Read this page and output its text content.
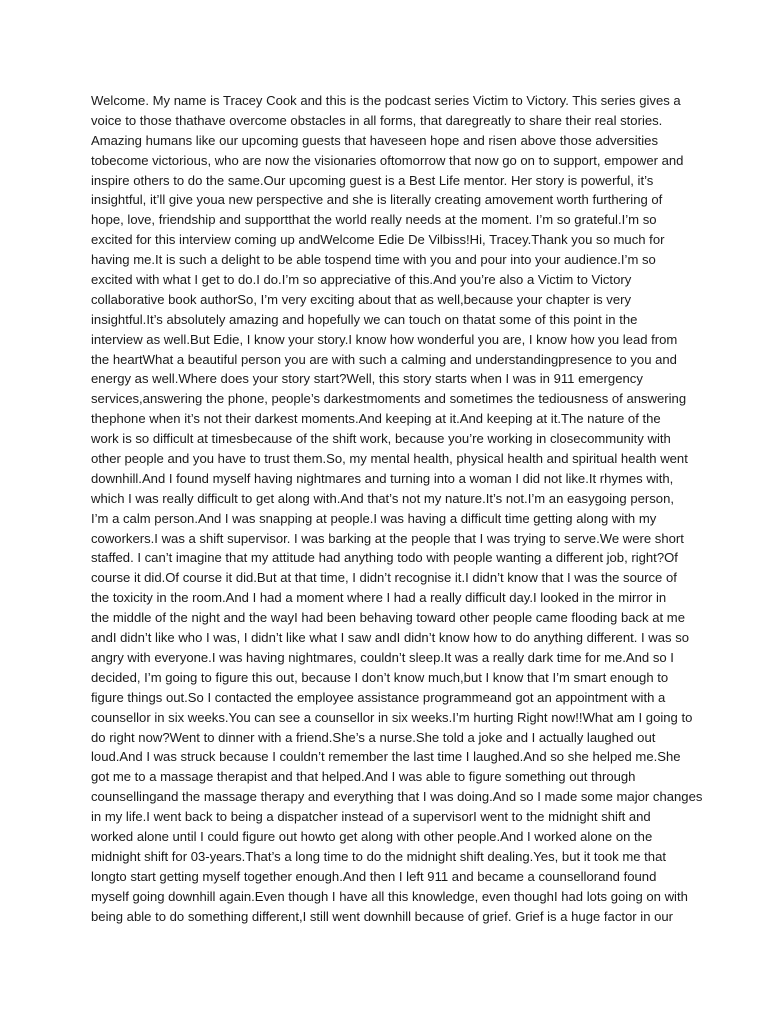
Welcome. My name is Tracey Cook and this is the podcast series Victim to Victory. This series gives a
voice to those thathave overcome obstacles in all forms, that daregreatly to share their real stories.
Amazing humans like our upcoming guests that haveseen hope and risen above those adversities
tobecome victorious, who are now the visionaries oftomorrow that now go on to support, empower and
inspire others to do the same.Our upcoming guest is a Best Life mentor. Her story is powerful, it’s
insightful, it’ll give youa new perspective and she is literally creating amovement worth furthering of
hope, love, friendship and supportthat the world really needs at the moment. I’m so grateful.I’m so
excited for this interview coming up andWelcome Edie De Vilbiss!Hi, Tracey.Thank you so much for
having me.It is such a delight to be able tospend time with you and pour into your audience.I’m so
excited with what I get to do.I do.I’m so appreciative of this.And you’re also a Victim to Victory
collaborative book authorSo, I’m very exciting about that as well,because your chapter is very
insightful.It’s absolutely amazing and hopefully we can touch on thatat some of this point in the
interview as well.But Edie, I know your story.I know how wonderful you are, I know how you lead from
the heartWhat a beautiful person you are with such a calming and understandingpresence to you and
energy as well.Where does your story start?Well, this story starts when I was in 911 emergency
services,answering the phone, people’s darkestmoments and sometimes the tediousness of answering
thephone when it’s not their darkest moments.And keeping at it.And keeping at it.The nature of the
work is so difficult at timesbecause of the shift work, because you’re working in closecommunity with
other people and you have to trust them.So, my mental health, physical health and spiritual health went
downhill.And I found myself having nightmares and turning into a woman I did not like.It rhymes with,
which I was really difficult to get along with.And that’s not my nature.It’s not.I’m an easygoing person,
I’m a calm person.And I was snapping at people.I was having a difficult time getting along with my
coworkers.I was a shift supervisor. I was barking at the people that I was trying to serve.We were short
staffed. I can’t imagine that my attitude had anything todo with people wanting a different job, right?Of
course it did.Of course it did.But at that time, I didn’t recognise it.I didn’t know that I was the source of
the toxicity in the room.And I had a moment where I had a really difficult day.I looked in the mirror in
the middle of the night and the wayI had been behaving toward other people came flooding back at me
andI didn’t like who I was, I didn’t like what I saw andI didn’t know how to do anything different. I was so
angry with everyone.I was having nightmares, couldn’t sleep.It was a really dark time for me.And so I
decided, I’m going to figure this out, because I don’t know much,but I know that I’m smart enough to
figure things out.So I contacted the employee assistance programmeand got an appointment with a
counsellor in six weeks.You can see a counsellor in six weeks.I’m hurting Right now!!What am I going to
do right now?Went to dinner with a friend.She’s a nurse.She told a joke and I actually laughed out
loud.And I was struck because I couldn’t remember the last time I laughed.And so she helped me.She
got me to a massage therapist and that helped.And I was able to figure something out through
counsellingand the massage therapy and everything that I was doing.And so I made some major changes
in my life.I went back to being a dispatcher instead of a supervisorI went to the midnight shift and
worked alone until I could figure out howto get along with other people.And I worked alone on the
midnight shift for 03-years.That’s a long time to do the midnight shift dealing.Yes, but it took me that
longto start getting myself together enough.And then I left 911 and became a counsellorand found
myself going downhill again.Even though I have all this knowledge, even thoughI had lots going on with
being able to do something different,I still went downhill because of grief. Grief is a huge factor in our
